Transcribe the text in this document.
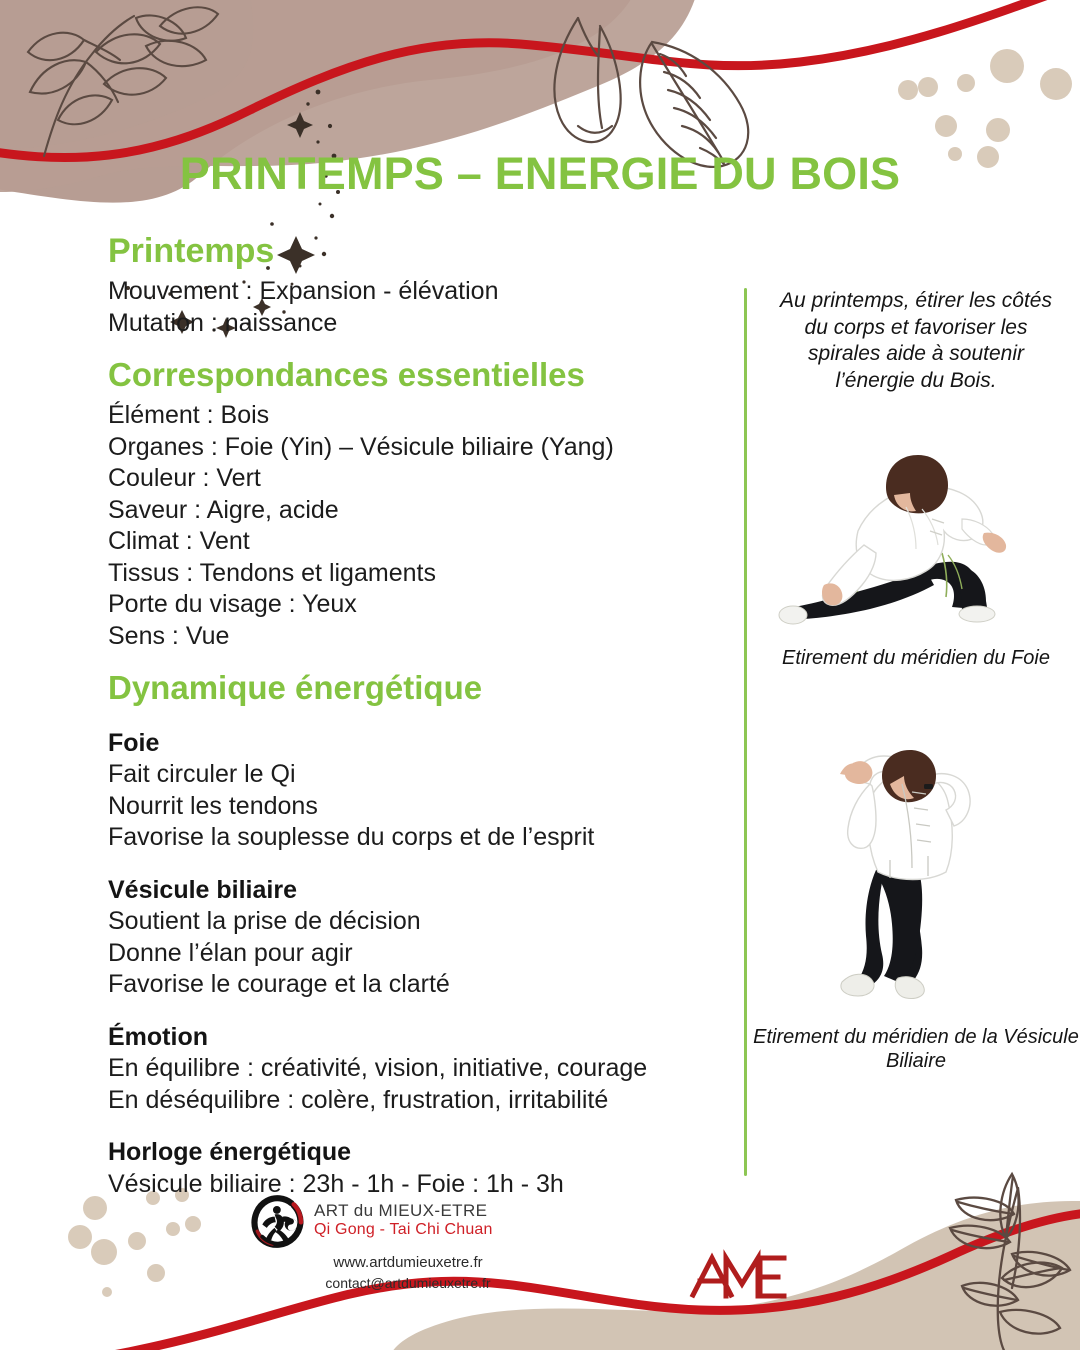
PRINTEMPS – ENERGIE DU BOIS
Printemps
Mouvement : Expansion - élévation
Mutation : naissance
Correspondances essentielles
Élément : Bois
Organes : Foie (Yin) – Vésicule biliaire (Yang)
Couleur : Vert
Saveur : Aigre, acide
Climat : Vent
Tissus : Tendons et ligaments
Porte du visage : Yeux
Sens : Vue
Dynamique énergétique
Foie
Fait circuler le Qi
Nourrit les tendons
Favorise la souplesse du corps et de l’esprit
Vésicule biliaire
Soutient la prise de décision
Donne l’élan pour agir
Favorise le courage et la clarté
Émotion
En équilibre : créativité, vision, initiative, courage
En déséquilibre : colère, frustration, irritabilité
Horloge énergétique
Vésicule biliaire : 23h - 1h - Foie : 1h - 3h
Au printemps, étirer les côtés du corps et favoriser les spirales aide à soutenir l’énergie du Bois.
Etirement du méridien du Foie
Etirement du méridien de la Vésicule Biliaire
ART du MIEUX-ETRE
Qi Gong - Tai Chi Chuan
www.artdumieuxetre.fr
contact@artdumieuxetre.fr
